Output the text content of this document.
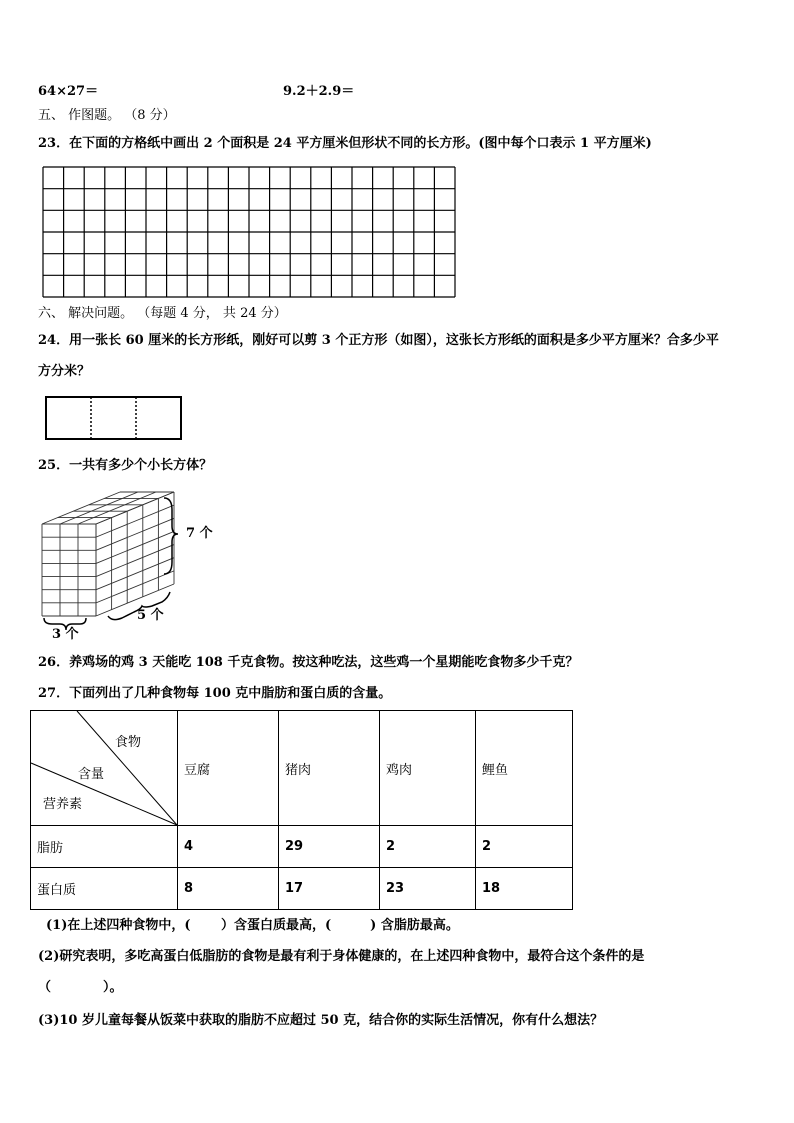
64×27＝	9.2＋2.9＝
五、 作图题。 （8 分）
23．在下面的方格纸中画出 2 个面积是 24 平方厘米但形状不同的长方形。(图中每个口表示 1 平方厘米)
六、 解决问题。 （每题 4 分， 共 24 分）
24．用一张长 60 厘米的长方形纸，刚好可以剪 3 个正方形（如图），这张长方形纸的面积是多少平方厘米？合多少平
方分米？
25．一共有多少个小长方体？
7 个
5 个
3 个
26．养鸡场的鸡 3 天能吃 108 千克食物。按这种吃法，这些鸡一个星期能吃食物多少千克？
27．下面列出了几种食物每 100 克中脂肪和蛋白质的含量。
食物
含量
营养素	豆腐	猪肉	鸡肉	鲤鱼
脂肪	4	29	2	2
蛋白质	8	17	23	18
(1)在上述四种食物中，(　　 ）含蛋白质最高，(　　　) 含脂肪最高。
(2)研究表明，多吃高蛋白低脂肪的食物是最有利于身体健康的，在上述四种食物中，最符合这个条件的是
（　　　　）。
(3)10 岁儿童每餐从饭菜中获取的脂肪不应超过 50 克，结合你的实际生活情况，你有什么想法？
